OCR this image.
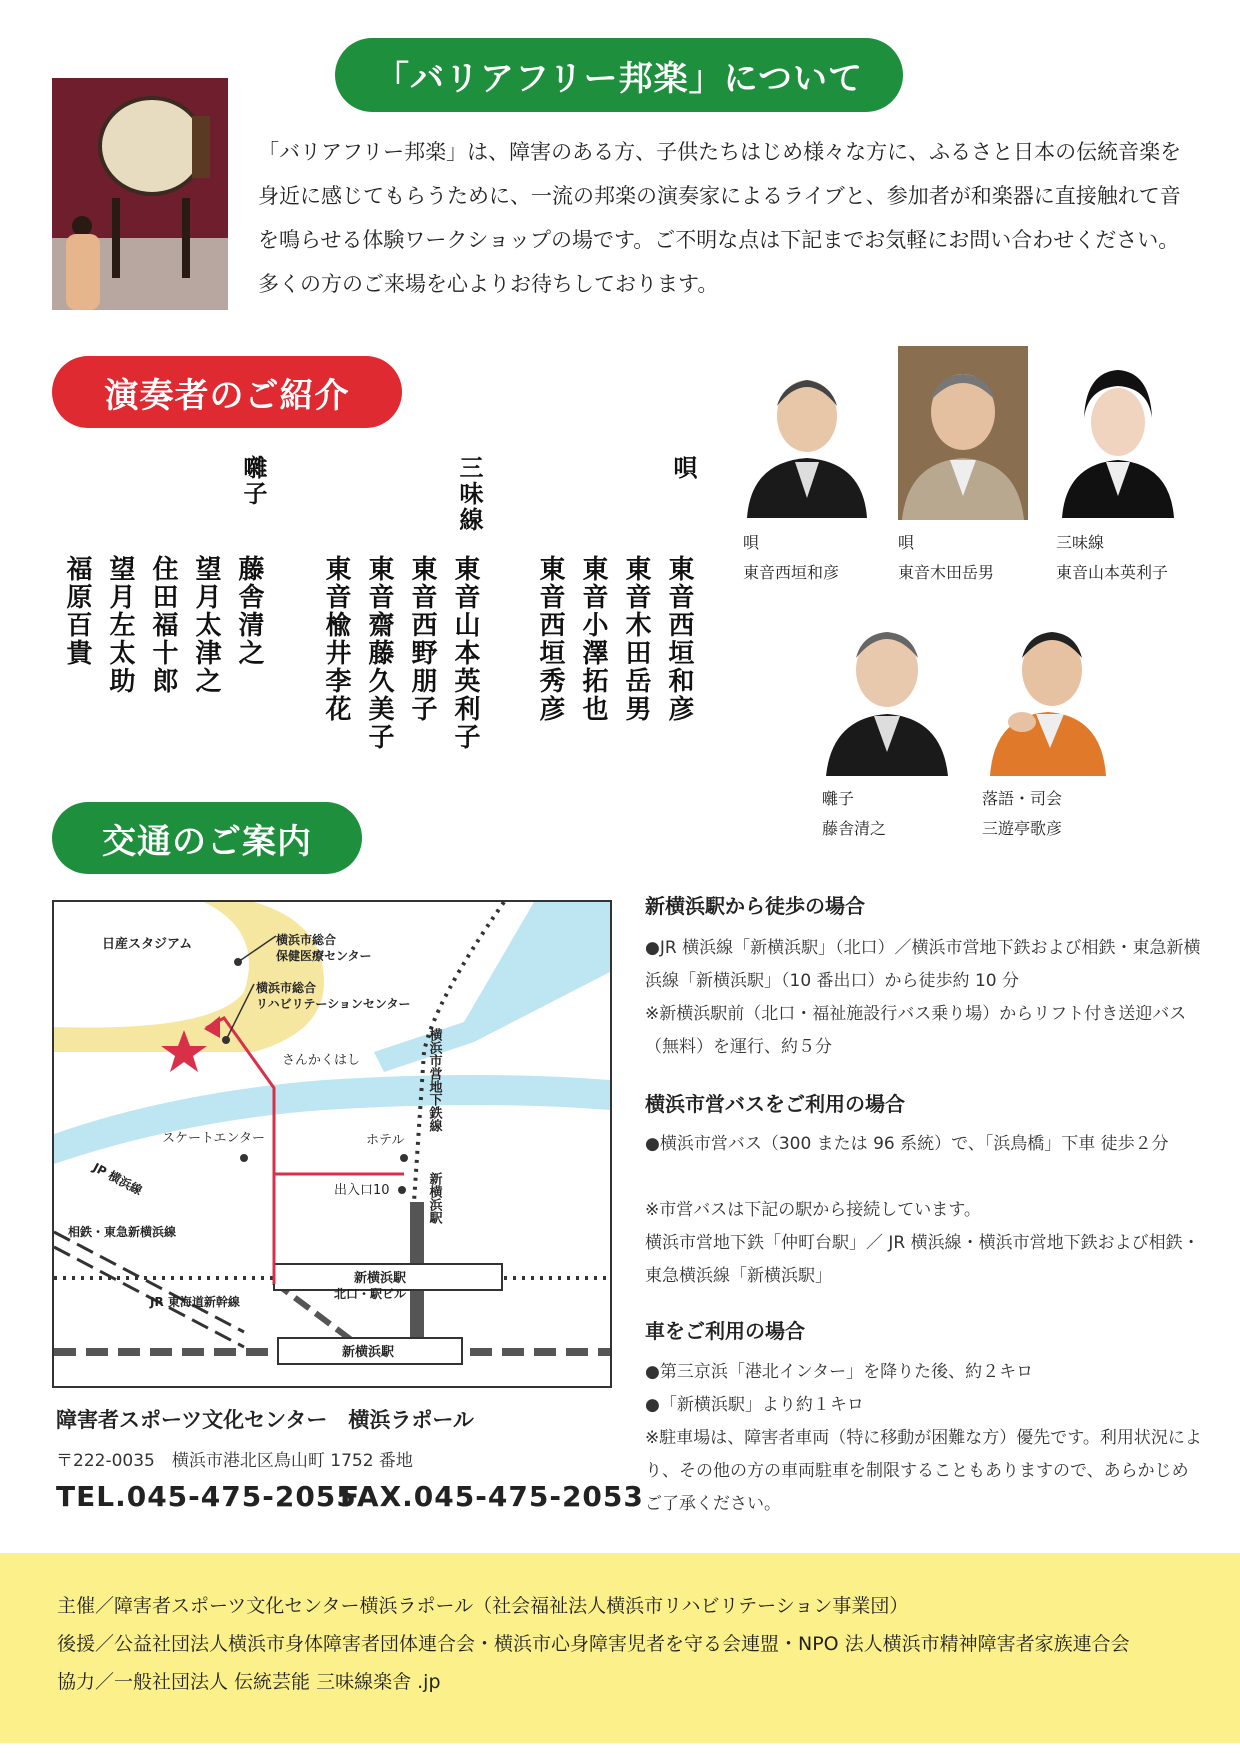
「バリアフリー邦楽」について

「バリアフリー邦楽」は、障害のある方、子供たちはじめ様々な方に、ふるさと日本の伝統音楽を身近に感じてもらうために、一流の邦楽の演奏家によるライブと、参加者が和楽器に直接触れて音を鳴らせる体験ワークショップの場です。ご不明な点は下記までお気軽にお問い合わせください。多くの方のご来場を心よりお待ちしております。

演奏者のご紹介
唄
東音西垣和彦
東音木田岳男
東音小澤拓也
東音西垣秀彦
三味線
東音山本英利子
東音西野朋子
東音齋藤久美子
東音楡井李花
囃子
藤舎清之
望月太津之
住田福十郎
望月左太助
福原百貴
唄
東音西垣和彦
唄
東音木田岳男
三味線
東音山本英利子
囃子
藤舎清之
落語・司会
三遊亭歌彦
交通のご案内
日産スタジアム	横浜市総合保健医療センター
横浜市総合リハビリテーションセンター
さんかくはし
スケートエンター	ホテル
出入口10
JP 横浜線
相鉄・東急新横浜線
新横浜駅
JR 東海道新幹線
北口・駅ビル
新横浜駅
横浜市営地下鉄線
新横浜駅
障害者スポーツ文化センター　横浜ラポール
〒222-0035　横浜市港北区鳥山町 1752 番地
TEL.045-475-2055
FAX.045-475-2053
新横浜駅から徒歩の場合
●JR 横浜線「新横浜駅」（北口）／横浜市営地下鉄および相鉄・東急新横浜線「新横浜駅」（10 番出口）から徒歩約 10 分
※新横浜駅前（北口・福祉施設行バス乗り場）からリフト付き送迎バス（無料）を運行、約５分
横浜市営バスをご利用の場合
●横浜市営バス（300 または 96 系統）で、「浜鳥橋」下車 徒歩２分
※市営バスは下記の駅から接続しています。
横浜市営地下鉄「仲町台駅」／ JR 横浜線・横浜市営地下鉄および相鉄・東急横浜線「新横浜駅」
車をご利用の場合
●第三京浜「港北インター」を降りた後、約２キロ
●「新横浜駅」より約１キロ
※駐車場は、障害者車両（特に移動が困難な方）優先です。利用状況により、その他の方の車両駐車を制限することもありますので、あらかじめご了承ください。
主催／障害者スポーツ文化センター横浜ラポール（社会福祉法人横浜市リハビリテーション事業団）
後援／公益社団法人横浜市身体障害者団体連合会・横浜市心身障害児者を守る会連盟・NPO 法人横浜市精神障害者家族連合会
協力／一般社団法人 伝統芸能 三味線楽舎 .jp
